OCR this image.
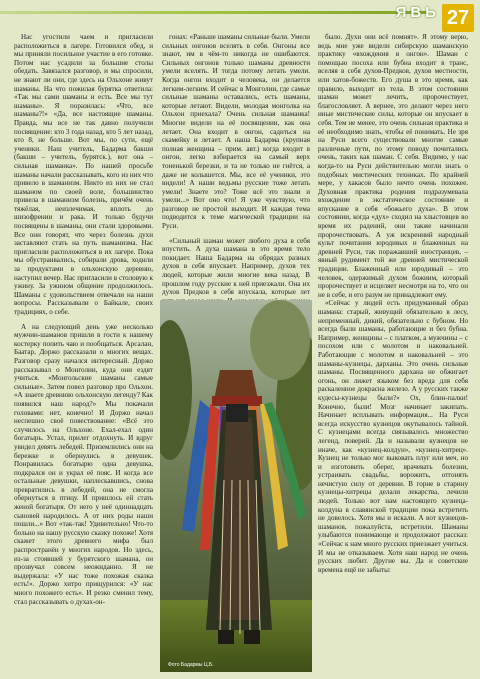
ЯВЬ 27

Нас угостили чаем и пригласили расположиться в лагере. Готовился обед, и мы приняли посильное участие в его готовке. Потом нас усадили за большие столы обедать. Завязался разговор, и мы спросили, не знают ли они, где здесь на Ольхоне живут шаманы. На что пожилая бурятка ответила: «Так мы сами шаманы и есть. Все мы тут шаманы». Я поразилась: «Что, все шаманы?!» «Да, все настоящие шаманы. Правда, мы все не так давно получили посвящение: кто 3 года назад, кто 5 лет назад, кто 8, не больше. Вот мы, по сути, ещё ученики. Наш учитель, Бадарма бакши (бакши – учитель, бурятск.), вот она – сильная шаманка». По нашей просьбе шаманы начали рассказывать, кого из них что привело в шаманизм. Никто из них не стал шаманом по своей воле, большинство привела в шаманизм болезнь, причём очень тяжёлая, неизлечимая, вплоть до шизофрении и рака. И только будучи посвящены в шаманы, они стали здоровыми. Все они говорят, что через болезнь духи заставляют стать на путь шаманизма. Нас пригласили расположиться в их лагере. Пока мы обустраивались, собирали дрова, ходили за продуктами в ольхонскую деревню, наступил вечер. Нас пригласили в столовую к ужину. За ужином общение продолжилось. Шаманы с удовольствием отвечали на наши вопросы. Рассказывали о Байкале, своих традициях, о себе.

А на следующий день уже несколько мужчин-шаманов пришли в гости к нашему костерку попить чаю и пообщаться. Арсалан, Баатар, Доржо рассказали о многих вещах. Разговор сразу начался интересный. Доржо рассказывал о Монголии, куда они ездят учиться. «Монгольские шаманы самые сильные». Затем повел разговор про Ольхон. «А знаете древнюю ольхонскую легенду? Как появился наш народ?» Мы покачали головами: нет, конечно! И Доржо начал неспешно своё повествование: «Всё это случилось на Ольхоне. Ехал-ехал один богатырь. Устал, прилег отдохнуть. И вдруг увидел девять лебедей. Приземлились они на бережке и обернулись в девушек. Понравилась богатырю одна девушка, подкрался он и украл её пояс. И когда все остальные девушки, наплескавшись, снова превратились в лебедей, она не смогла обернуться в птицу. И пришлось ей стать женой богатыря. От него у неё одиннадцать сыновей народилось. А от них роды наши пошли...» Вот «так-так! Удивительно! Что-то больно на нашу русскую сказку похоже! Хотя скажет этого древнего мифа был распространён у многих народов. Но здесь, из-за стоявшей у бурятского шамана, он прозвучал совсем неожиданно. Я не выдержала: «У нас тоже похожая сказка есть!». Доржо хитро прищурился: «У нас много похожего есть». И резко сменил тему, стал рассказывать о духах-он-

гонах: «Раньше шаманы сильные были. Умели сильных онгонов вселять в себя. Онгоны все знают, им в чём-то никогда не ошибаются. Сильных онгонов только шаманы древности умели вселять. И тогда потому летать умели. Когда онгон входит в человека, он делается легким-легким. И сейчас в Монголии, где самые сильные шаманы оставались, есть шаманы, которые летают. Видели, молодая монголка на Ольхон приехала? Очень сильная шаманка! Многие видели на её посвящении, как она летает. Она входит в онгон, садиться на скамейку и летает. А наша Бадарма (крупная полная женщина – прим. авт.) когда входит в онгон, легко взбирается на самый верх тоненькой березки, и та не только не гнётся, а даже не колышется. Мы, все её ученики, это видели! А наши ведьмы русские тоже летать умели! Знаете это? Тоже всё это знали и умели...» Вот оно что! Я уже чувствую, что разговор не простой выходит. И каждая тема подводится к теме магической традиции на Руси.

«Сильный шаман может любого духа в себя впустить. А духа шамана в это время тело покидает. Наша Бадарма на обрядах разных духов в себя впускает. Например, духов тех людей, которые жили многие века назад. В прошлом году русские к ней приезжали. Она их духов Предков в себя впускала, которые лет

было. Духи они всё помнят». Я этому верю, ведь мне уже видели сибирскую шаманскую практику «вхождения в онгон». Шаман с помощью посоха или бубна входит в транс, вселяя в себя духов-Предков, духов местности, или хатов-божеств. Его душа в это время, как правило, выходит из тела. В этом состоянии шаман может лечить, пророчествует, благословляет. А вернее, это делают через него иные мистические силы, которые он впускает в себя. Тем не менее, это очень сильная практика и её необходимо знать, чтобы её понимать. Не зря на Руси всего существовали многие самые различные пути, по этому поводу почитались очень, таких как шаман. С себя. Видимо, у нас когда-то на Руси действительно могли знать о подобных мистических техниках. По крайней мере, у хакасов было нечто очень похожее. Духовная практика родения подразумевала вхождение в экстатическое состояние и впускание в себя «божьего духа». В этом состоянии, когда «дух» сходил на хлыстовцев во время их радений, они также начинали пророчествовать. А уж искренний народный культ почитания юродивых и блаженных на древней Руси, так поражавший иностранцев, – явный рудимент той же древней мистической традиции. Блаженный или юродивый – это человек, одержимый духом божиим, который пророчествует и исцеляет несмотря на то, что он не в себе, и его разум не принадлежит ему.

«Сейчас у людей есть придуманный образ шамана: старый, живущий обязательно в лесу, непременный, дикий, обязательно с бубном. Но всегда были шаманы, работающие и без бубна. Например, женщины – с платком, а мужчины – с посохом или с молотом и наковальней. Работающие с молотом и наковальней – это шаманы-кузнецы, дарханы. Это очень сильные шаманы. Посвященного дархана не обжигает огонь, он лижет языком без вреда для себя раскаленное докрасна железо. А у русских также кудесы-кузнецы были?» Ох, блин-палки! Конечно, были! Мозг начинает закипать. Начинает всплывать информация... На Руси всегда искусство кузнецов окутывалось тайной. С кузнецами всегда связывалось множество легенд, поверий. Да и называли кузнецов не иначе, как «кузнец-колдун», «кузнец-хитрец». Кузнец не только мог выковать плуг или меч, но и изготовить оберег, врачевать болезни, устраивать свадьбы, ворожить, отгонять нечистую силу от деревни. В горне в старину кузнецы-хитрецы делали лекарства, лечили людей. Только вот нам настоящего кузнеца-колдуна в славянской традиции пока встретить не довелось. Хотя мы и искали. А вот кузнецов-шаманов, пожалуйста, встретили. Шаманы улыбаются понимающе и продолжают рассказ: «Сейчас к нам много русских приезжает учиться. И мы не отказываем. Хотя наш народ не очень русских любит. Другие вы. Да и советские времена ещё не забыты:

Фото Бадармы Ц.Б.
